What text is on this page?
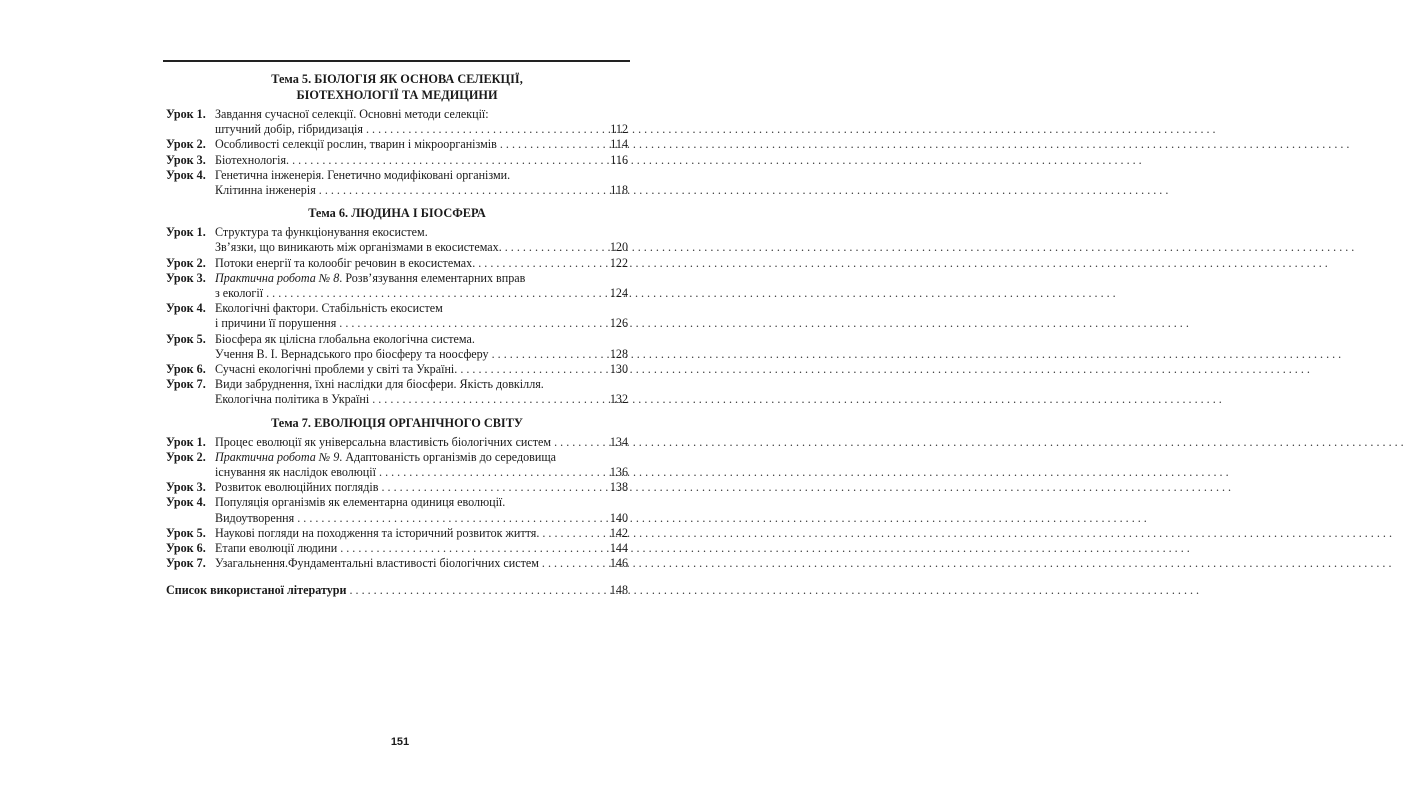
Тема 5. БІОЛОГІЯ ЯК ОСНОВА СЕЛЕКЦІЇ,
БІОТЕХНОЛОГІЇ ТА МЕДИЦИНИ
Урок 1. Завдання сучасної селекції. Основні методи селекції:
штучний добір, гібридизація . . .	112
Урок 2. Особливості селекції рослин, тварин і мікроорганізмів . . .	114
Урок 3. Біотехнологія. . . .	116
Урок 4. Генетична інженерія. Генетично модифіковані організми.
Клітинна інженерія . . .	118
Тема 6. ЛЮДИНА І БІОСФЕРА
Урок 1. Структура та функціонування екосистем.
Зв’язки, що виникають між організмами в екосистемах. . . .	120
Урок 2. Потоки енергії та колообіг речовин в екосистемах. . . .	122
Урок 3. Практична робота № 8. Розв’язування елементарних вправ
з екології . . .	124
Урок 4. Екологічні фактори. Стабільність екосистем
і причини її порушення . . .	126
Урок 5. Біосфера як цілісна глобальна екологічна система.
Учення В. І. Вернадського про біосферу та ноосферу . . .	128
Урок 6. Сучасні екологічні проблеми у світі та Україні. . . .	130
Урок 7. Види забруднення, їхні наслідки для біосфери. Якість довкілля.
Екологічна політика в Україні . . .	132
Тема 7. ЕВОЛЮЦІЯ ОРГАНІЧНОГО СВІТУ
Урок 1. Процес еволюції як універсальна властивість біологічних систем . . .	134
Урок 2. Практична робота № 9. Адаптованість організмів до середовища
існування як наслідок еволюції . . .	136
Урок 3. Розвиток еволюційних поглядів . . .	138
Урок 4. Популяція організмів як елементарна одиниця еволюції.
Видоутворення . . .	140
Урок 5. Наукові погляди на походження та історичний розвиток життя. . . .	142
Урок 6. Етапи еволюції людини . . .	144
Урок 7. Узагальнення.Фундаментальні властивості біологічних систем . . .	146
Список використаної літератури . . .	148
151
